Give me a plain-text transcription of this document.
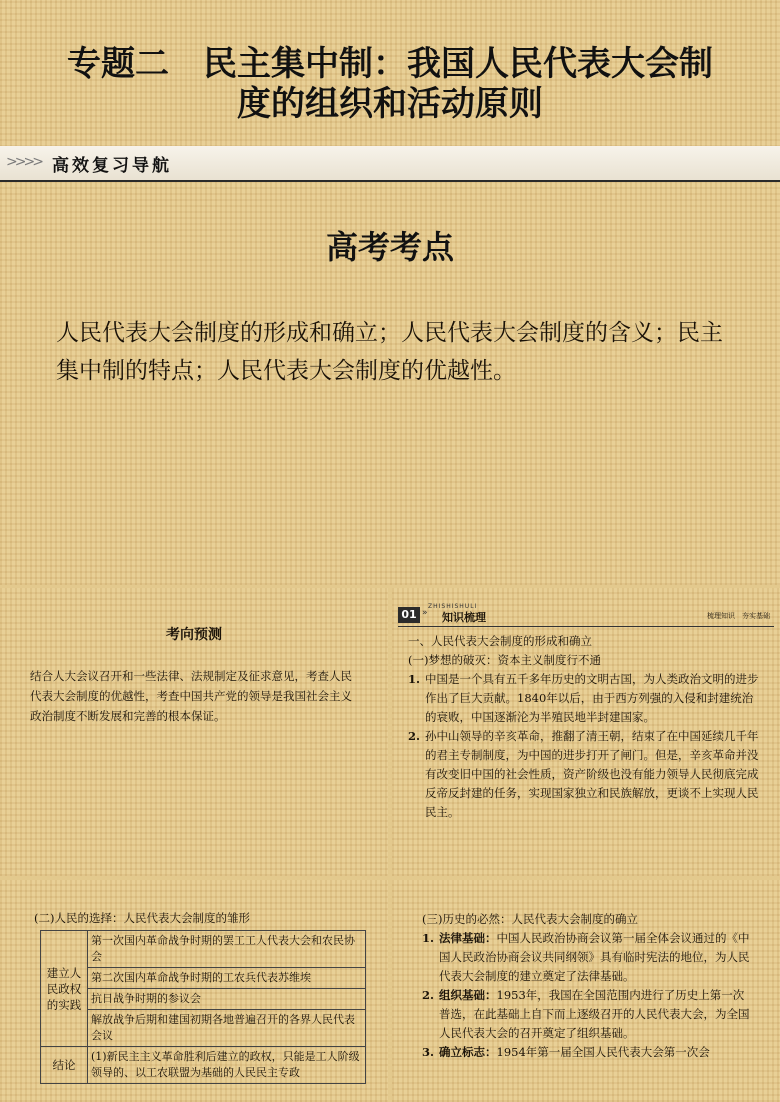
专题二　民主集中制：我国人民代表大会制
度的组织和活动原则
>>>> 高效复习导航
高考考点
人民代表大会制度的形成和确立；人民代表大会制度的含义；民主集中制的特点；人民代表大会制度的优越性。
考向预测
结合人大会议召开和一些法律、法规制定及征求意见，考查人民代表大会制度的优越性，考查中国共产党的领导是我国社会主义政治制度不断发展和完善的根本保证。
ZHISHISHULI
01 » 知识梳理	梳理知识　夯实基础
一、人民代表大会制度的形成和确立
(一)梦想的破灭：资本主义制度行不通
1. 中国是一个具有五千多年历史的文明古国，为人类政治文明的进步作出了巨大贡献。1840年以后，由于西方列强的入侵和封建统治的衰败，中国逐渐沦为半殖民地半封建国家。
2. 孙中山领导的辛亥革命，推翻了清王朝，结束了在中国延续几千年的君主专制制度，为中国的进步打开了闸门。但是，辛亥革命并没有改变旧中国的社会性质，资产阶级也没有能力领导人民彻底完成反帝反封建的任务，实现国家独立和民族解放，更谈不上实现人民民主。
(二)人民的选择：人民代表大会制度的雏形
建立人民政权的实践	第一次国内革命战争时期的罢工工人代表大会和农民协会
	第二次国内革命战争时期的工农兵代表苏维埃
	抗日战争时期的参议会
	解放战争后期和建国初期各地普遍召开的各界人民代表会议
结论	(1)新民主主义革命胜利后建立的政权，只能是工人阶级领导的、以工农联盟为基础的人民民主专政
(三)历史的必然：人民代表大会制度的确立
1. 法律基础：中国人民政治协商会议第一届全体会议通过的《中国人民政治协商会议共同纲领》具有临时宪法的地位，为人民代表大会制度的建立奠定了法律基础。
2. 组织基础：1953年，我国在全国范围内进行了历史上第一次普选，在此基础上自下而上逐级召开的人民代表大会，为全国人民代表大会的召开奠定了组织基础。
3. 确立标志：1954年第一届全国人民代表大会第一次会
